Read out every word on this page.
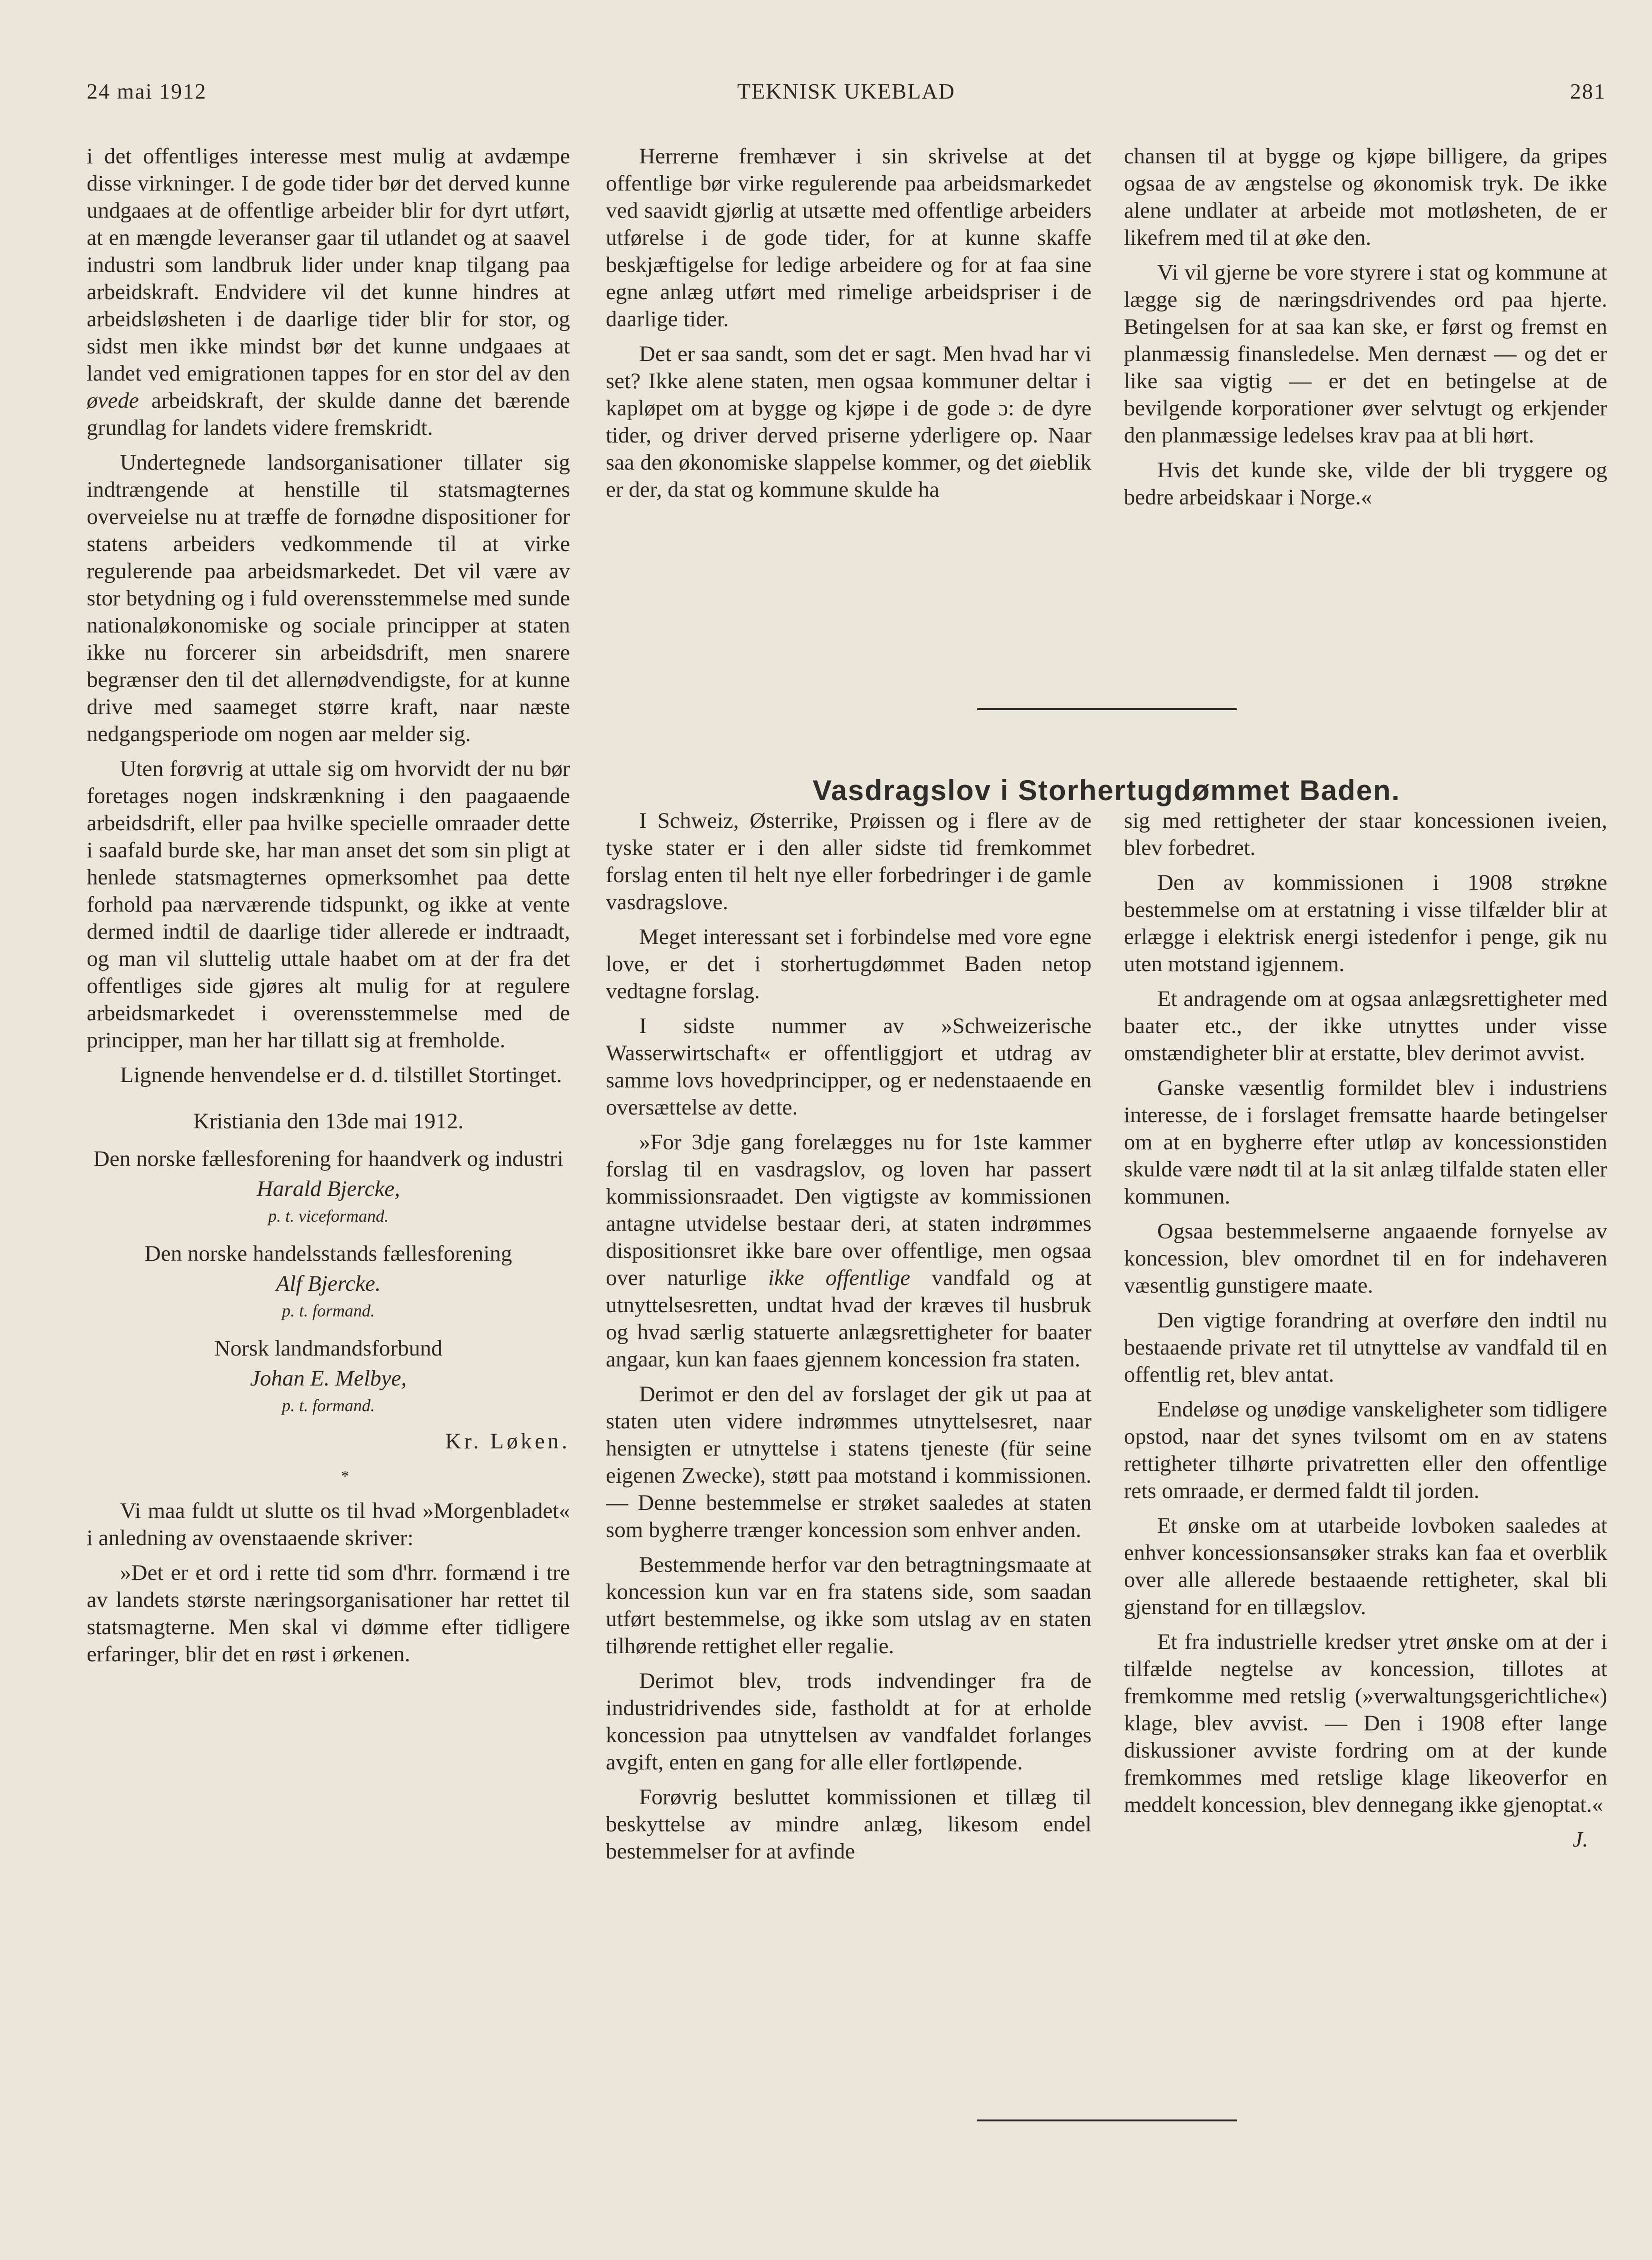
24 mai 1912	TEKNISK UKEBLAD	281

i det offentliges interesse mest mulig at avdæmpe disse virkninger. I de gode tider bør det derved kunne undgaaes at de offentlige arbeider blir for dyrt utført, at en mængde leveranser gaar til utlandet og at saavel industri som landbruk lider under knap tilgang paa arbeidskraft. Endvidere vil det kunne hindres at arbeidsløsheten i de daarlige tider blir for stor, og sidst men ikke mindst bør det kunne undgaaes at landet ved emigrationen tappes for en stor del av den øvede arbeidskraft, der skulde danne det bærende grundlag for landets videre fremskridt.

Undertegnede landsorganisationer tillater sig indtrængende at henstille til statsmagternes overveielse nu at træffe de fornødne dispositioner for statens arbeiders vedkommende til at virke regulerende paa arbeidsmarkedet. Det vil være av stor betydning og i fuld overensstemmelse med sunde nationaløkonomiske og sociale principper at staten ikke nu forcerer sin arbeidsdrift, men snarere begrænser den til det allernødvendigste, for at kunne drive med saameget større kraft, naar næste nedgangsperiode om nogen aar melder sig.

Uten forøvrig at uttale sig om hvorvidt der nu bør foretages nogen indskrænkning i den paagaaende arbeidsdrift, eller paa hvilke specielle omraader dette i saafald burde ske, har man anset det som sin pligt at henlede statsmagternes opmerksomhet paa dette forhold paa nærværende tidspunkt, og ikke at vente dermed indtil de daarlige tider allerede er indtraadt, og man vil sluttelig uttale haabet om at der fra det offentliges side gjøres alt mulig for at regulere arbeidsmarkedet i overensstemmelse med de principper, man her har tillatt sig at fremholde.

Lignende henvendelse er d. d. tilstillet Stortinget.

Kristiania den 13de mai 1912.

Den norske fællesforening for haandverk og industri
Harald Bjercke,
p. t. viceformand.
Den norske handelsstands fællesforening
Alf Bjercke.
p. t. formand.
Norsk landmandsforbund
Johan E. Melbye,
p. t. formand.

Kr. Løken.

*

Vi maa fuldt ut slutte os til hvad »Morgenbladet« i anledning av ovenstaaende skriver:

»Det er et ord i rette tid som d'hrr. formænd i tre av landets største næringsorganisationer har rettet til statsmagterne. Men skal vi dømme efter tidligere erfaringer, blir det en røst i ørkenen.

Herrerne fremhæver i sin skrivelse at det offentlige bør virke regulerende paa arbeidsmarkedet ved saavidt gjørlig at utsætte med offentlige arbeiders utførelse i de gode tider, for at kunne skaffe beskjæftigelse for ledige arbeidere og for at faa sine egne anlæg utført med rimelige arbeidspriser i de daarlige tider.

Det er saa sandt, som det er sagt. Men hvad har vi set? Ikke alene staten, men ogsaa kommuner deltar i kapløpet om at bygge og kjøpe i de gode ɔ: de dyre tider, og driver derved priserne yderligere op. Naar saa den økonomiske slappelse kommer, og det øieblik er der, da stat og kommune skulde ha

chansen til at bygge og kjøpe billigere, da gripes ogsaa de av ængstelse og økonomisk tryk. De ikke alene undlater at arbeide mot motløsheten, de er likefrem med til at øke den.

Vi vil gjerne be vore styrere i stat og kommune at lægge sig de næringsdrivendes ord paa hjerte. Betingelsen for at saa kan ske, er først og fremst en planmæssig finansledelse. Men dernæst — og det er like saa vigtig — er det en betingelse at de bevilgende korporationer øver selvtugt og erkjender den planmæssige ledelses krav paa at bli hørt.

Hvis det kunde ske, vilde der bli tryggere og bedre arbeidskaar i Norge.«

Vasdragslov i Storhertugdømmet Baden.

I Schweiz, Østerrike, Prøissen og i flere av de tyske stater er i den aller sidste tid fremkommet forslag enten til helt nye eller forbedringer i de gamle vasdragslove.

Meget interessant set i forbindelse med vore egne love, er det i storhertugdømmet Baden netop vedtagne forslag.

I sidste nummer av »Schweizerische Wasserwirtschaft« er offentliggjort et utdrag av samme lovs hovedprincipper, og er nedenstaaende en oversættelse av dette.

»For 3dje gang forelægges nu for 1ste kammer forslag til en vasdragslov, og loven har passert kommissionsraadet. Den vigtigste av kommissionen antagne utvidelse bestaar deri, at staten indrømmes dispositionsret ikke bare over offentlige, men ogsaa over naturlige ikke offentlige vandfald og at utnyttelsesretten, undtat hvad der kræves til husbruk og hvad særlig statuerte anlægsrettigheter for baater angaar, kun kan faaes gjennem koncession fra staten.

Derimot er den del av forslaget der gik ut paa at staten uten videre indrømmes utnyttelsesret, naar hensigten er utnyttelse i statens tjeneste (für seine eigenen Zwecke), støtt paa motstand i kommissionen. — Denne bestemmelse er strøket saaledes at staten som bygherre trænger koncession som enhver anden.

Bestemmende herfor var den betragtningsmaate at koncession kun var en fra statens side, som saadan utført bestemmelse, og ikke som utslag av en staten tilhørende rettighet eller regalie.

Derimot blev, trods indvendinger fra de industridrivendes side, fastholdt at for at erholde koncession paa utnyttelsen av vandfaldet forlanges avgift, enten en gang for alle eller fortløpende.

Forøvrig besluttet kommissionen et tillæg til beskyttelse av mindre anlæg, likesom endel bestemmelser for at avfinde

sig med rettigheter der staar koncessionen iveien, blev forbedret.

Den av kommissionen i 1908 strøkne bestemmelse om at erstatning i visse tilfælder blir at erlægge i elektrisk energi istedenfor i penge, gik nu uten motstand igjennem.

Et andragende om at ogsaa anlægsrettigheter med baater etc., der ikke utnyttes under visse omstændigheter blir at erstatte, blev derimot avvist.

Ganske væsentlig formildet blev i industriens interesse, de i forslaget fremsatte haarde betingelser om at en bygherre efter utløp av koncessionstiden skulde være nødt til at la sit anlæg tilfalde staten eller kommunen.

Ogsaa bestemmelserne angaaende fornyelse av koncession, blev omordnet til en for indehaveren væsentlig gunstigere maate.

Den vigtige forandring at overføre den indtil nu bestaaende private ret til utnyttelse av vandfald til en offentlig ret, blev antat.

Endeløse og unødige vanskeligheter som tidligere opstod, naar det synes tvilsomt om en av statens rettigheter tilhørte privatretten eller den offentlige rets omraade, er dermed faldt til jorden.

Et ønske om at utarbeide lovboken saaledes at enhver koncessionsansøker straks kan faa et overblik over alle allerede bestaaende rettigheter, skal bli gjenstand for en tillægslov.

Et fra industrielle kredser ytret ønske om at der i tilfælde negtelse av koncession, tillotes at fremkomme med retslig (»verwaltungsgerichtliche«) klage, blev avvist. — Den i 1908 efter lange diskussioner avviste fordring om at der kunde fremkommes med retslige klage likeoverfor en meddelt koncession, blev dennegang ikke gjenoptat.«

J.
